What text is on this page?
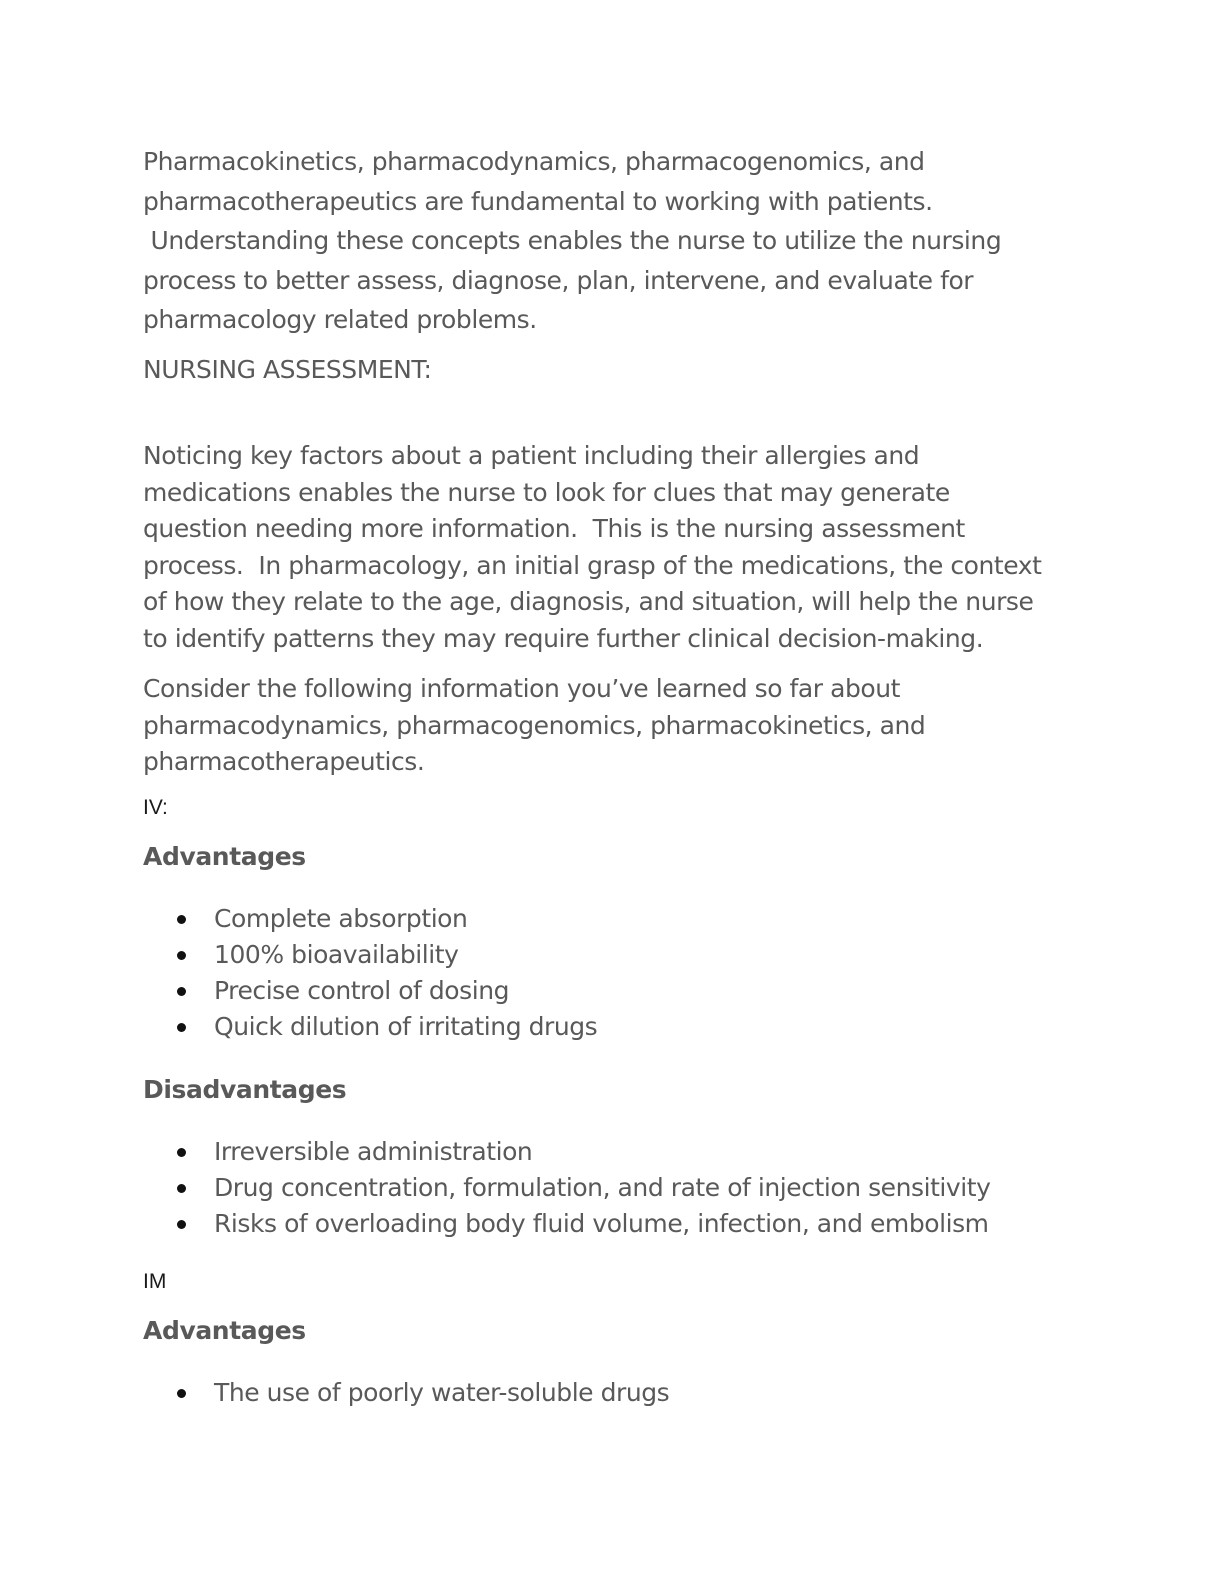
Pharmacokinetics, pharmacodynamics, pharmacogenomics, and
pharmacotherapeutics are fundamental to working with patients.
Understanding these concepts enables the nurse to utilize the nursing
process to better assess, diagnose, plan, intervene, and evaluate for
pharmacology related problems.

NURSING ASSESSMENT:

Noticing key factors about a patient including their allergies and
medications enables the nurse to look for clues that may generate
question needing more information.  This is the nursing assessment
process.  In pharmacology, an initial grasp of the medications, the context
of how they relate to the age, diagnosis, and situation, will help the nurse
to identify patterns they may require further clinical decision-making.

Consider the following information you’ve learned so far about
pharmacodynamics, pharmacogenomics, pharmacokinetics, and
pharmacotherapeutics.

IV:

Advantages

Complete absorption
100% bioavailability
Precise control of dosing
Quick dilution of irritating drugs

Disadvantages

Irreversible administration
Drug concentration, formulation, and rate of injection sensitivity
Risks of overloading body fluid volume, infection, and embolism

IM

Advantages

The use of poorly water-soluble drugs
